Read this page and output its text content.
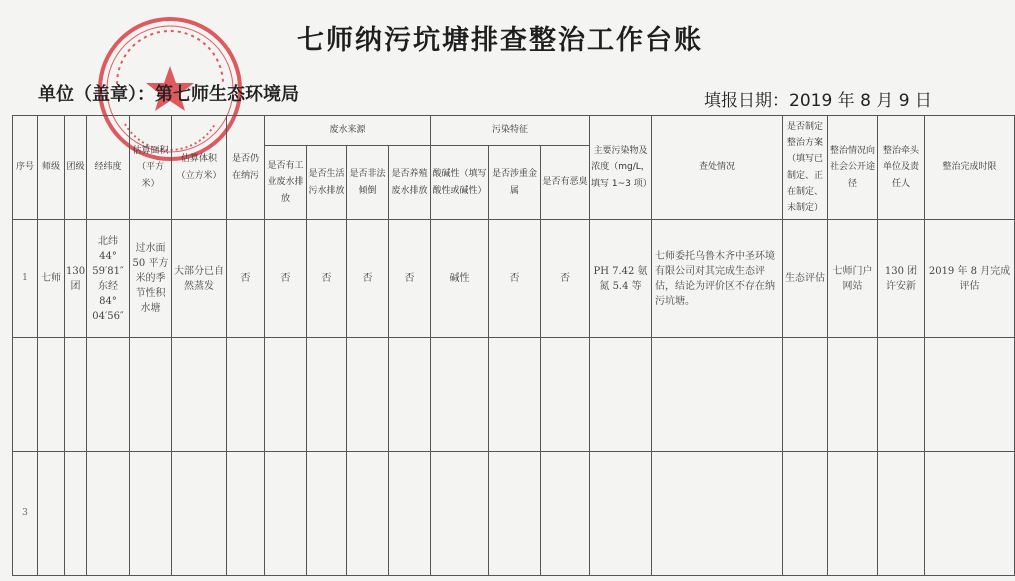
七师纳污坑塘排查整治工作台账
单位（盖章）：第七师生态环境局	填报日期：2019 年 8 月 9 日
序号	师级	团级	经纬度	估算面积（平方米）	估算体积（立方米）	是否仍在纳污	废水来源				污染特征			主要污染物及浓度（mg/L，填写 1~3 项）	查处情况	是否制定整治方案（填写已制定、正在制定、未制定）	整治情况向社会公开途径	整治牵头单位及责任人	整治完成时限
							是否有工业废水排放	是否生活污水排放	是否非法倾倒	是否养殖废水排放	酸碱性（填写酸性或碱性）	是否涉重金属	是否有恶臭						
1	七师	130 团	北纬 44° 59′81″ 东经 84° 04′56″	过水面 50 平方米的季节性积水塘	大部分已自然蒸发	否	否	否	否	否	碱性	否	否	PH 7.42 氨氮 5.4 等	七师委托乌鲁木齐中圣环境有限公司对其完成生态评估，结论为评价区不存在纳污坑塘。	生态评估	七师门户网站	130 团 许安新	2019 年 8 月完成评估

3																			
